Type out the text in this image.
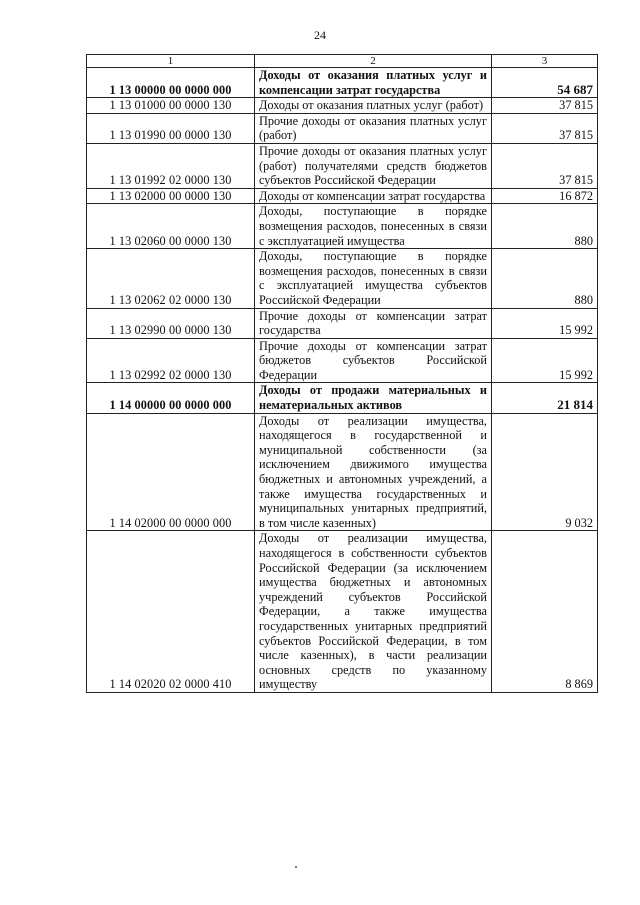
24
1	2	3
1 13 00000 00 0000 000	Доходы от оказания платных услуг и компенсации затрат государства	54 687
1 13 01000 00 0000 130	Доходы от оказания платных услуг (работ)	37 815
1 13 01990 00 0000 130	Прочие доходы от оказания платных услуг (работ)	37 815
1 13 01992 02 0000 130	Прочие доходы от оказания платных услуг (работ) получателями средств бюджетов субъектов Российской Федерации	37 815
1 13 02000 00 0000 130	Доходы от компенсации затрат государства	16 872
1 13 02060 00 0000 130	Доходы, поступающие в порядке возмещения расходов, понесенных в связи с эксплуатацией имущества	880
1 13 02062 02 0000 130	Доходы, поступающие в порядке возмещения расходов, понесенных в связи с эксплуатацией имущества субъектов Российской Федерации	880
1 13 02990 00 0000 130	Прочие доходы от компенсации затрат государства	15 992
1 13 02992 02 0000 130	Прочие доходы от компенсации затрат бюджетов субъектов Российской Федерации	15 992
1 14 00000 00 0000 000	Доходы от продажи материальных и нематериальных активов	21 814
1 14 02000 00 0000 000	Доходы от реализации имущества, находящегося в государственной и муниципальной собственности (за исключением движимого имущества бюджетных и автономных учреждений, а также имущества государственных и муниципальных унитарных предприятий, в том числе казенных)	9 032
1 14 02020 02 0000 410	Доходы от реализации имущества, находящегося в собственности субъектов Российской Федерации (за исключением имущества бюджетных и автономных учреждений субъектов Российской Федерации, а также имущества государственных унитарных предприятий субъектов Российской Федерации, в том числе казенных), в части реализации основных средств по указанному имуществу	8 869
